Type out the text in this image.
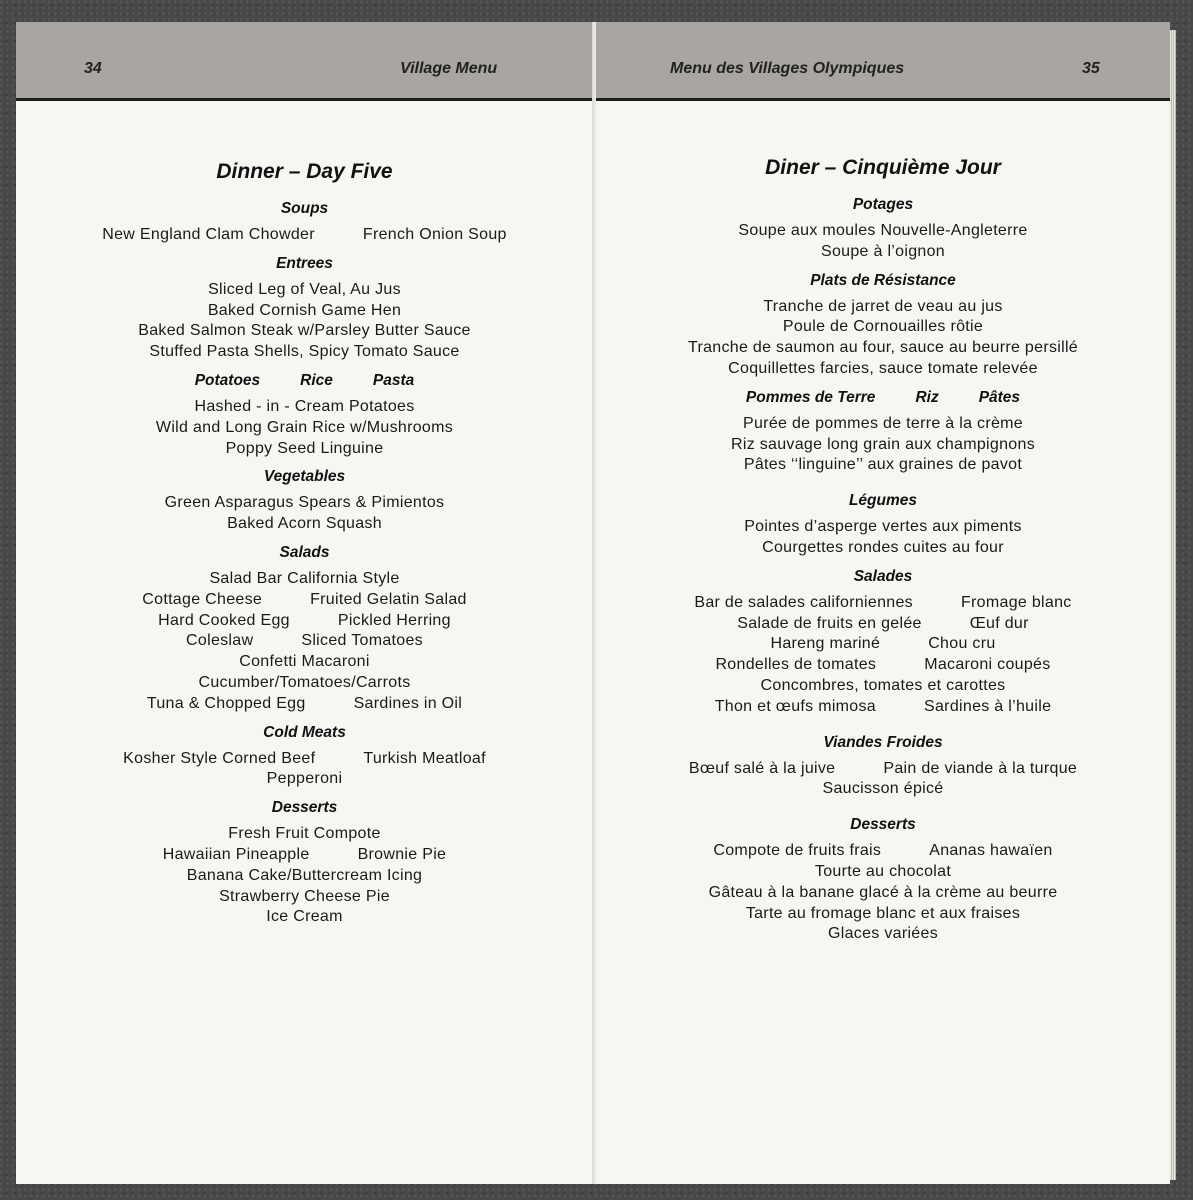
34	Village Menu
Dinner – Day Five
Soups
New England Clam Chowder	French Onion Soup
Entrees
Sliced Leg of Veal, Au Jus
Baked Cornish Game Hen
Baked Salmon Steak w/Parsley Butter Sauce
Stuffed Pasta Shells, Spicy Tomato Sauce
Potatoes	Rice	Pasta
Hashed - in - Cream Potatoes
Wild and Long Grain Rice w/Mushrooms
Poppy Seed Linguine
Vegetables
Green Asparagus Spears & Pimientos
Baked Acorn Squash
Salads
Salad Bar California Style
Cottage Cheese	Fruited Gelatin Salad
Hard Cooked Egg	Pickled Herring
Coleslaw	Sliced Tomatoes
Confetti Macaroni
Cucumber/Tomatoes/Carrots
Tuna & Chopped Egg	Sardines in Oil
Cold Meats
Kosher Style Corned Beef	Turkish Meatloaf
Pepperoni
Desserts
Fresh Fruit Compote
Hawaiian Pineapple	Brownie Pie
Banana Cake/Buttercream Icing
Strawberry Cheese Pie
Ice Cream
Menu des Villages Olympiques	35
Diner – Cinquième Jour
Potages
Soupe aux moules Nouvelle-Angleterre
Soupe à l’oignon
Plats de Résistance
Tranche de jarret de veau au jus
Poule de Cornouailles rôtie
Tranche de saumon au four, sauce au beurre persillé
Coquillettes farcies, sauce tomate relevée
Pommes de Terre	Riz	Pâtes
Purée de pommes de terre à la crème
Riz sauvage long grain aux champignons
Pâtes ‘‘linguine’’ aux graines de pavot
Légumes
Pointes d’asperge vertes aux piments
Courgettes rondes cuites au four
Salades
Bar de salades californiennes	Fromage blanc
Salade de fruits en gelée	Œuf dur
Hareng mariné	Chou cru
Rondelles de tomates	Macaroni coupés
Concombres, tomates et carottes
Thon et œufs mimosa	Sardines à l’huile
Viandes Froides
Bœuf salé à la juive	Pain de viande à la turque
Saucisson épicé
Desserts
Compote de fruits frais	Ananas hawaïen
Tourte au chocolat
Gâteau à la banane glacé à la crème au beurre
Tarte au fromage blanc et aux fraises
Glaces variées
